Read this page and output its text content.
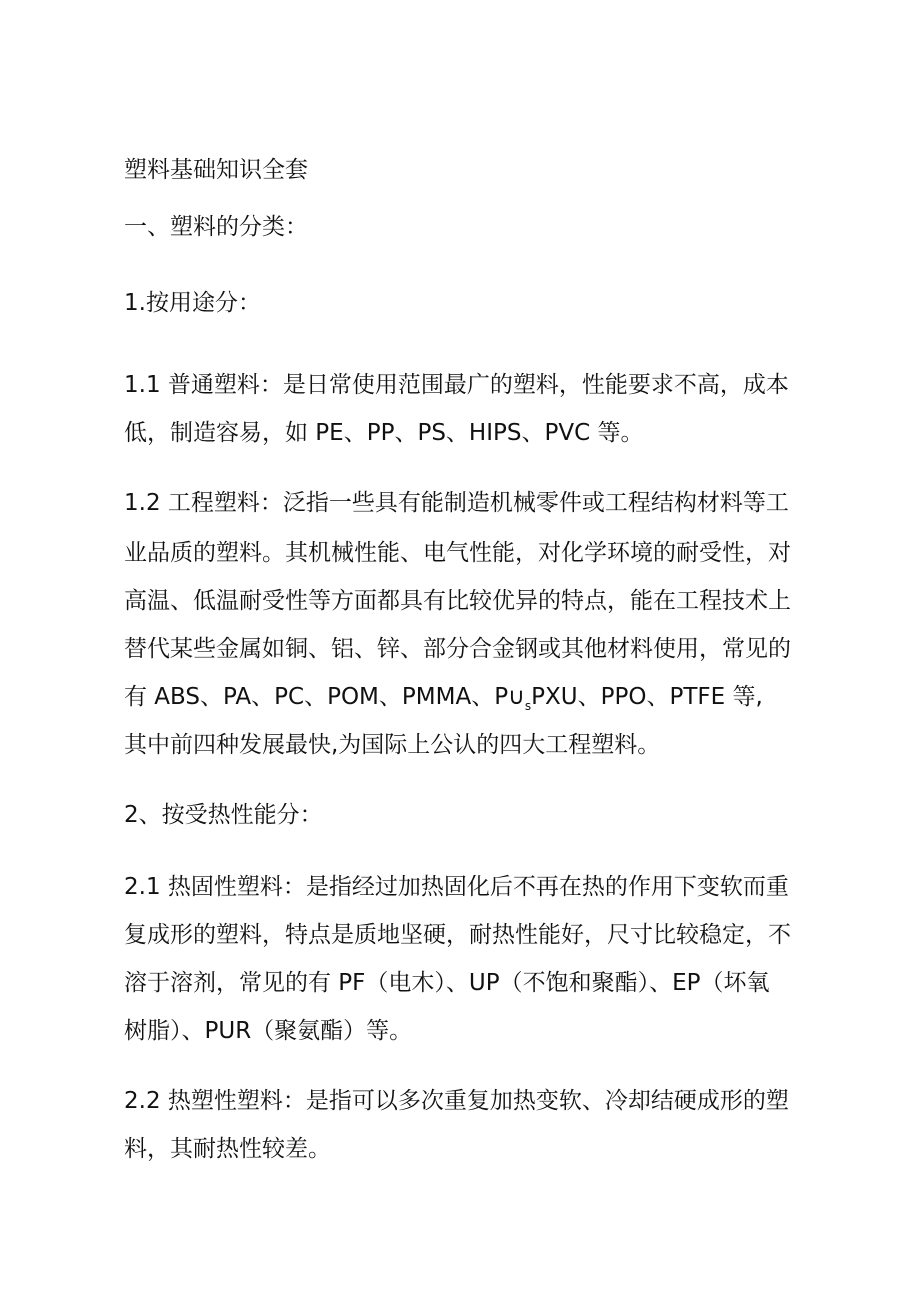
塑料基础知识全套
一、塑料的分类：
1.按用途分：
1.1 普通塑料：是日常使用范围最广的塑料，性能要求不高，成本
低，制造容易，如 PE、PP、PS、HIPS、PVC 等。
1.2 工程塑料：泛指一些具有能制造机械零件或工程结构材料等工
业品质的塑料。其机械性能、电气性能，对化学环境的耐受性，对
高温、低温耐受性等方面都具有比较优异的特点，能在工程技术上
替代某些金属如铜、铝、锌、部分合金钢或其他材料使用，常见的
有 ABS、PA、PC、POM、PMMA、$P\cup_sPXU$、PPO、PTFE 等,
其中前四种发展最快,为国际上公认的四大工程塑料。
2、按受热性能分：
2.1 热固性塑料：是指经过加热固化后不再在热的作用下变软而重
复成形的塑料，特点是质地坚硬，耐热性能好，尺寸比较稳定，不
溶于溶剂，常见的有 PF（电木）、UP（不饱和聚酯）、EP（坏氧
树脂）、PUR（聚氨酯）等。
2.2 热塑性塑料：是指可以多次重复加热变软、冷却结硬成形的塑
料，其耐热性较差。
